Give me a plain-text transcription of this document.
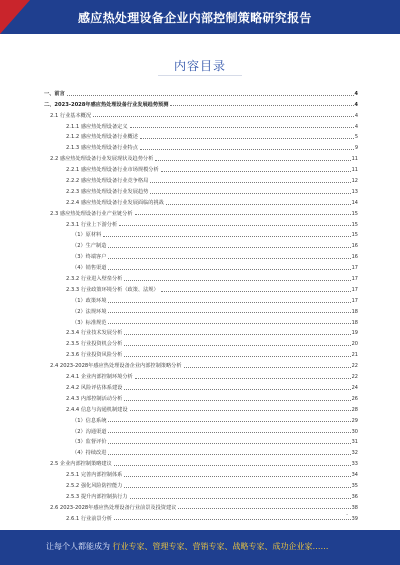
感应热处理设备企业内部控制策略研究报告
内容目录
一、前言	4
二、2023-2028年感应热处理设备行业发展趋势预测	4
2.1 行业基本概况	4
2.1.1 感应热处理设备定义	4
2.1.2 感应热处理设备行业概述	5
2.1.3 感应热处理设备行业特点	9
2.2 感应热处理设备行业发展现状及趋势分析	11
2.2.1 感应热处理设备行业市场规模分析	11
2.2.2 感应热处理设备行业竞争格局	12
2.2.3 感应热处理设备行业发展趋势	13
2.2.4 感应热处理设备行业发展面临的挑战	14
2.3 感应热处理设备行业产业链分析	15
2.3.1 行业上下游分析	15
（1）原材料	15
（2）生产制造	16
（3）终端客户	16
（4）销售渠道	17
2.3.2 行业进入壁垒分析	17
2.3.3 行业政策环境分析（政策、法规）	17
（1）政策环境	17
（2）法规环境	18
（3）标准规范	18
2.3.4 行业技术发展分析	19
2.3.5 行业投资机会分析	20
2.3.6 行业投资风险分析	21
2.4 2023-2028年感应热处理设备企业内部控制策略分析	22
2.4.1 企业内部控制环境分析	22
2.4.2 风险评估体系建设	24
2.4.3 内部控制活动分析	26
2.4.4 信息与沟通机制建设	28
（1）信息系统	29
（2）沟通渠道	30
（3）监督评价	31
（4）持续改进	32
2.5 企业内部控制策略建议	33
2.5.1 完善内部控制体系	34
2.5.2 强化风险防控能力	35
2.5.3 提升内部控制执行力	36
2.6 2023-2028年感应热处理设备行业前景及投资建议	38
2.6.1 行业前景分析	39
-
让每个人都能成为 行业专家、管理专家、营销专家、战略专家、成功企业家……
